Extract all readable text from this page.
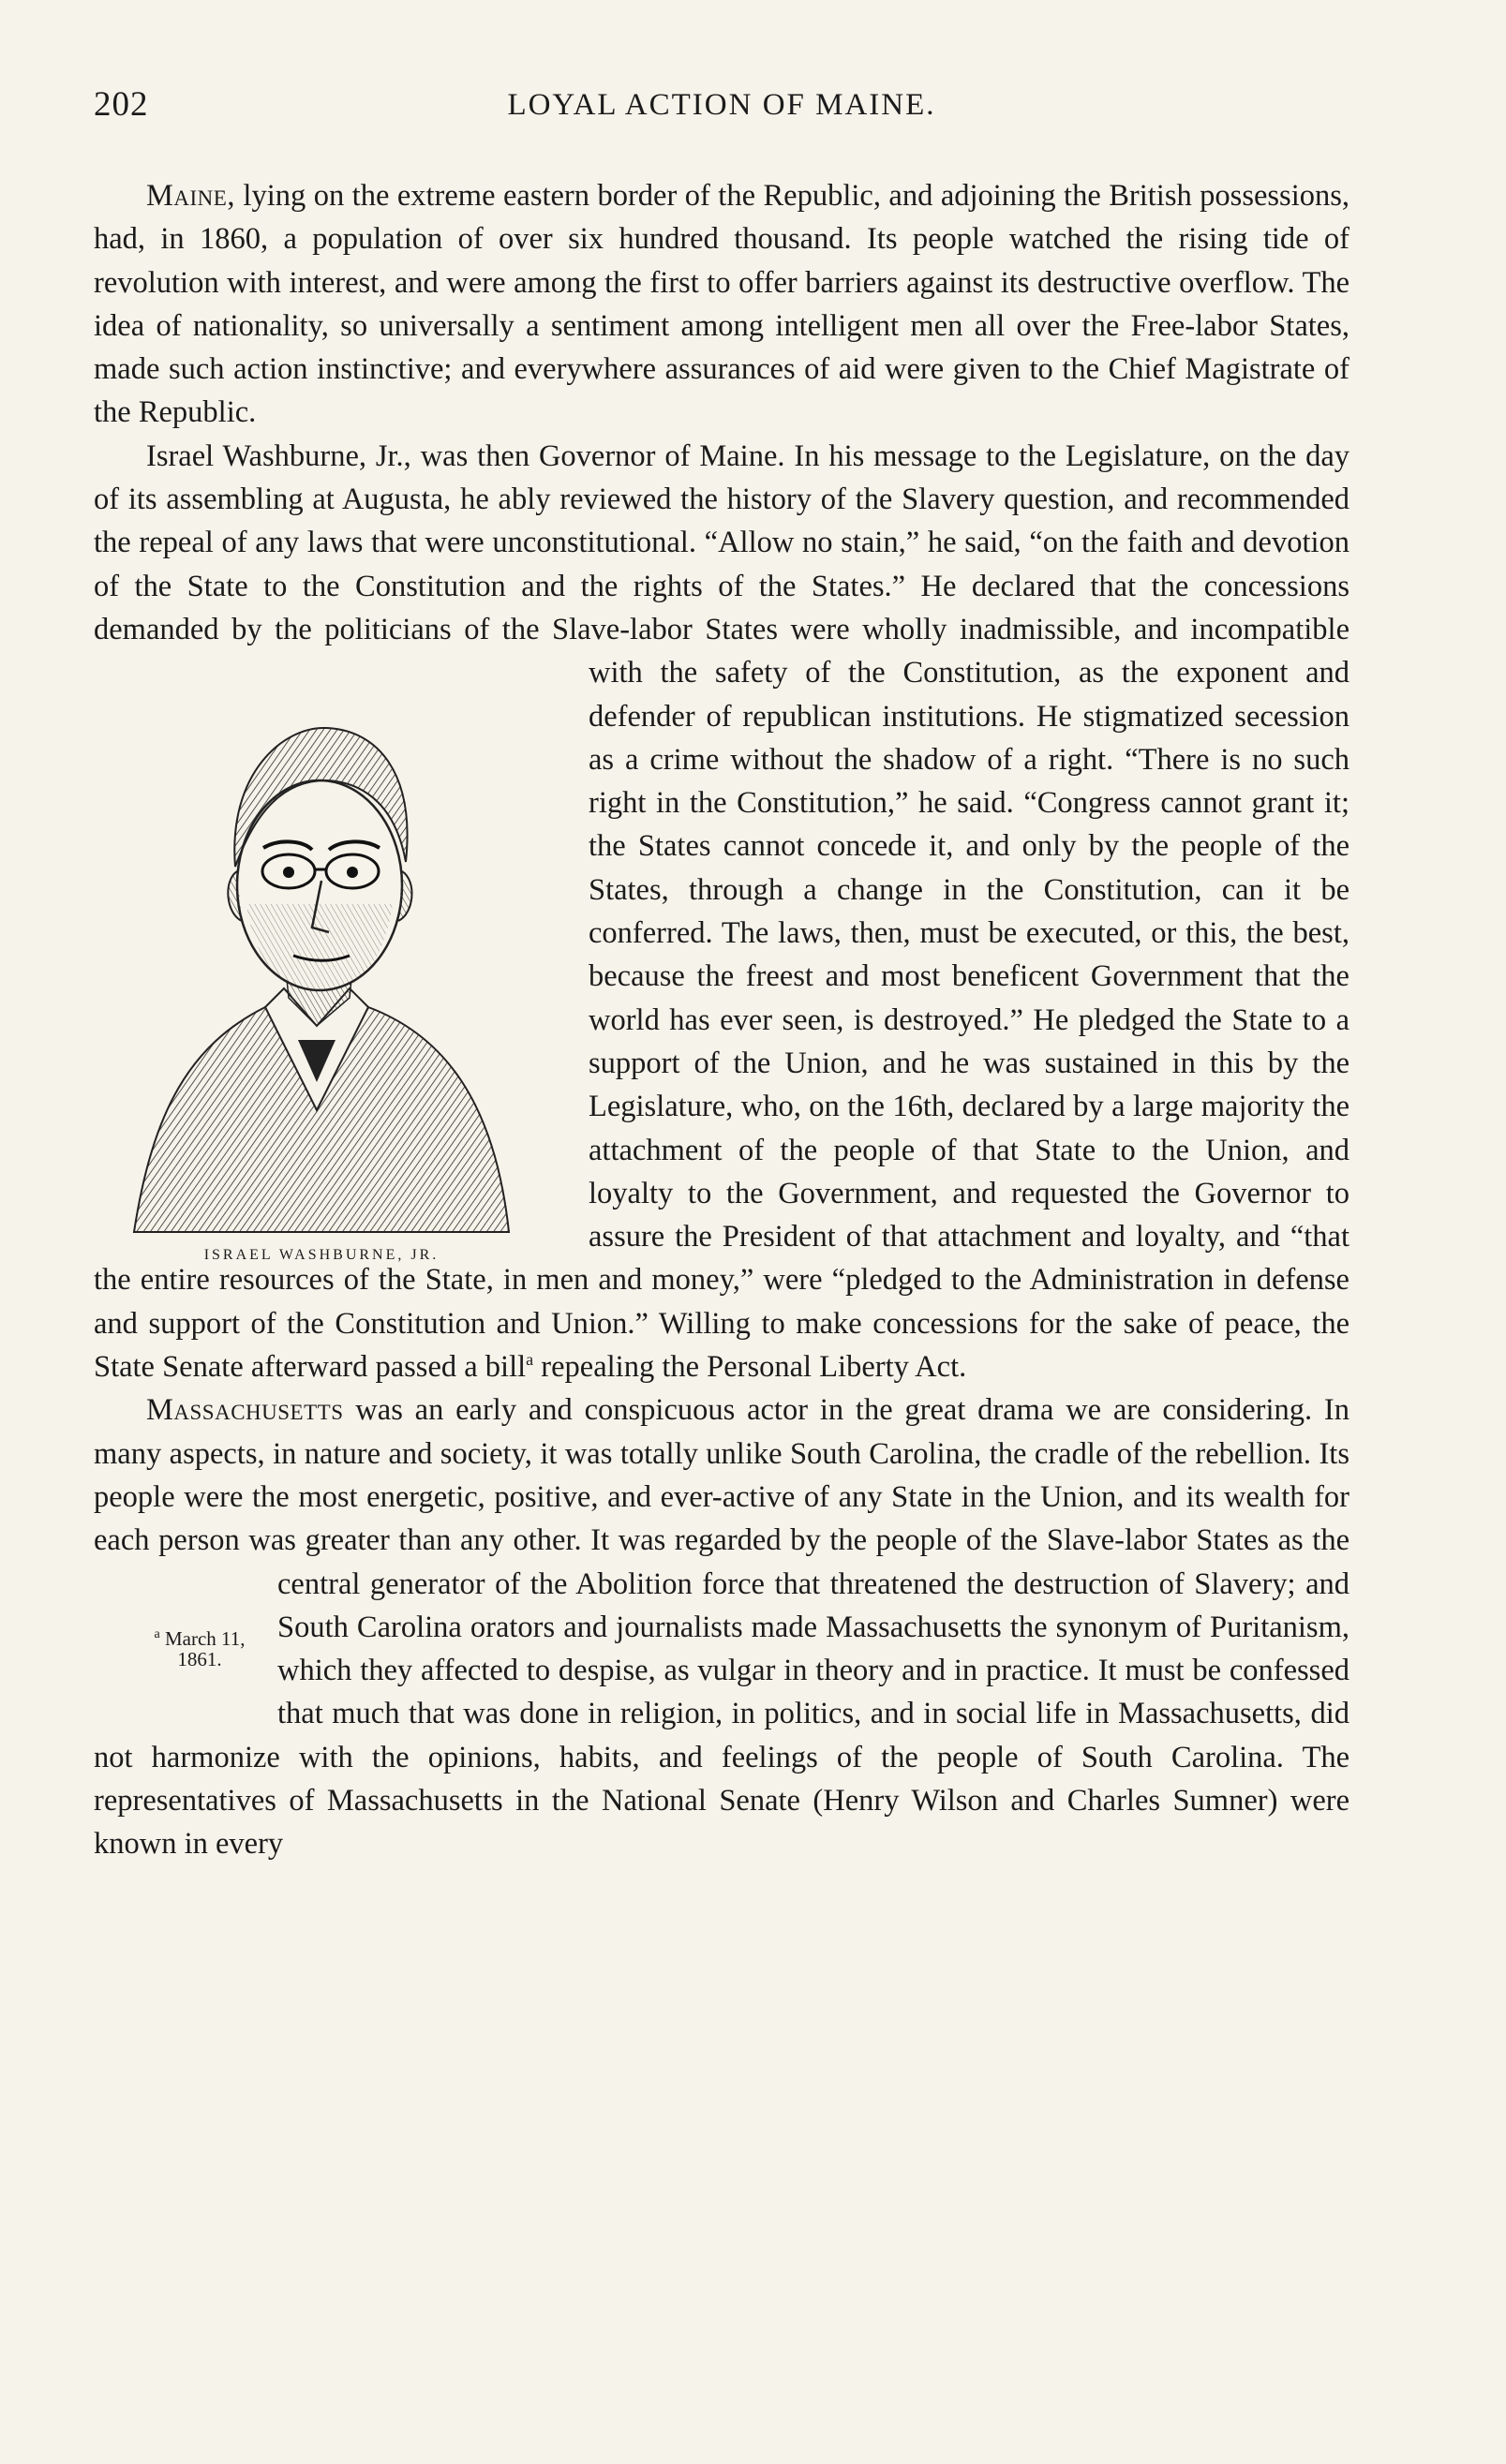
202	LOYAL ACTION OF MAINE.

Maine, lying on the extreme eastern border of the Republic, and adjoining the British possessions, had, in 1860, a population of over six hundred thousand. Its people watched the rising tide of revolution with interest, and were among the first to offer barriers against its destructive overflow. The idea of nationality, so universally a sentiment among intelligent men all over the Free-labor States, made such action instinctive; and everywhere assurances of aid were given to the Chief Magistrate of the Republic.

Israel Washburne, Jr., was then Governor of Maine. In his message to the Legislature, on the day of its assembling at Augusta, he ably reviewed the history of the Slavery question, and recommended the repeal of any laws that were unconstitutional. “Allow no stain,” he said, “on the faith and devotion of the State to the Constitution and the rights of the States.” He declared that the concessions demanded by the politicians of the Slave-labor States were wholly inadmissible, and incompatible with the safety of the Constitution, as the exponent and defender of republican institutions. He stigmatized secession as a crime without the shadow of a right. “There is no such right in the Constitution,” he said. “Congress cannot grant it; the States cannot concede it, and only by the people of the States, through a change in the Constitution, can it be conferred. The laws, then, must be executed, or this, the best, because the freest and most beneficent Government that the world has ever seen, is destroyed.” He pledged the State to a support of the Union, and he was sustained in this by the Legislature, who, on the 16th, declared by a large majority the attachment of the people of that State to the Union, and loyalty to the Government, and requested the Governor to assure the President of that attachment and loyalty, and “that the entire resources of the State, in men and money,” were “pledged to the Administration in defense and support of the Constitution and Union.” Willing to make concessions for the sake of peace, the State Senate afterward passed a bill$^a$ repealing the Personal Liberty Act.

Massachusetts was an early and conspicuous actor in the great drama we are considering. In many aspects, in nature and society, it was totally unlike South Carolina, the cradle of the rebellion. Its people were the most energetic, positive, and ever-active of any State in the Union, and its wealth for each person was greater than any other. It was regarded by the people of the Slave-labor States as the central generator of the Abolition force that threatened the destruction of Slavery; and South Carolina orators and journalists made Massachusetts the synonym of Puritanism, which they affected to despise, as vulgar in theory and in practice. It must be confessed that much that was done in religion, in politics, and in social life in Massachusetts, did not harmonize with the opinions, habits, and feelings of the people of South Carolina. The representatives of Massachusetts in the National Senate (Henry Wilson and Charles Sumner) were known in every

ISRAEL WASHBURNE, JR.
$^a$ March 11,
1861.
